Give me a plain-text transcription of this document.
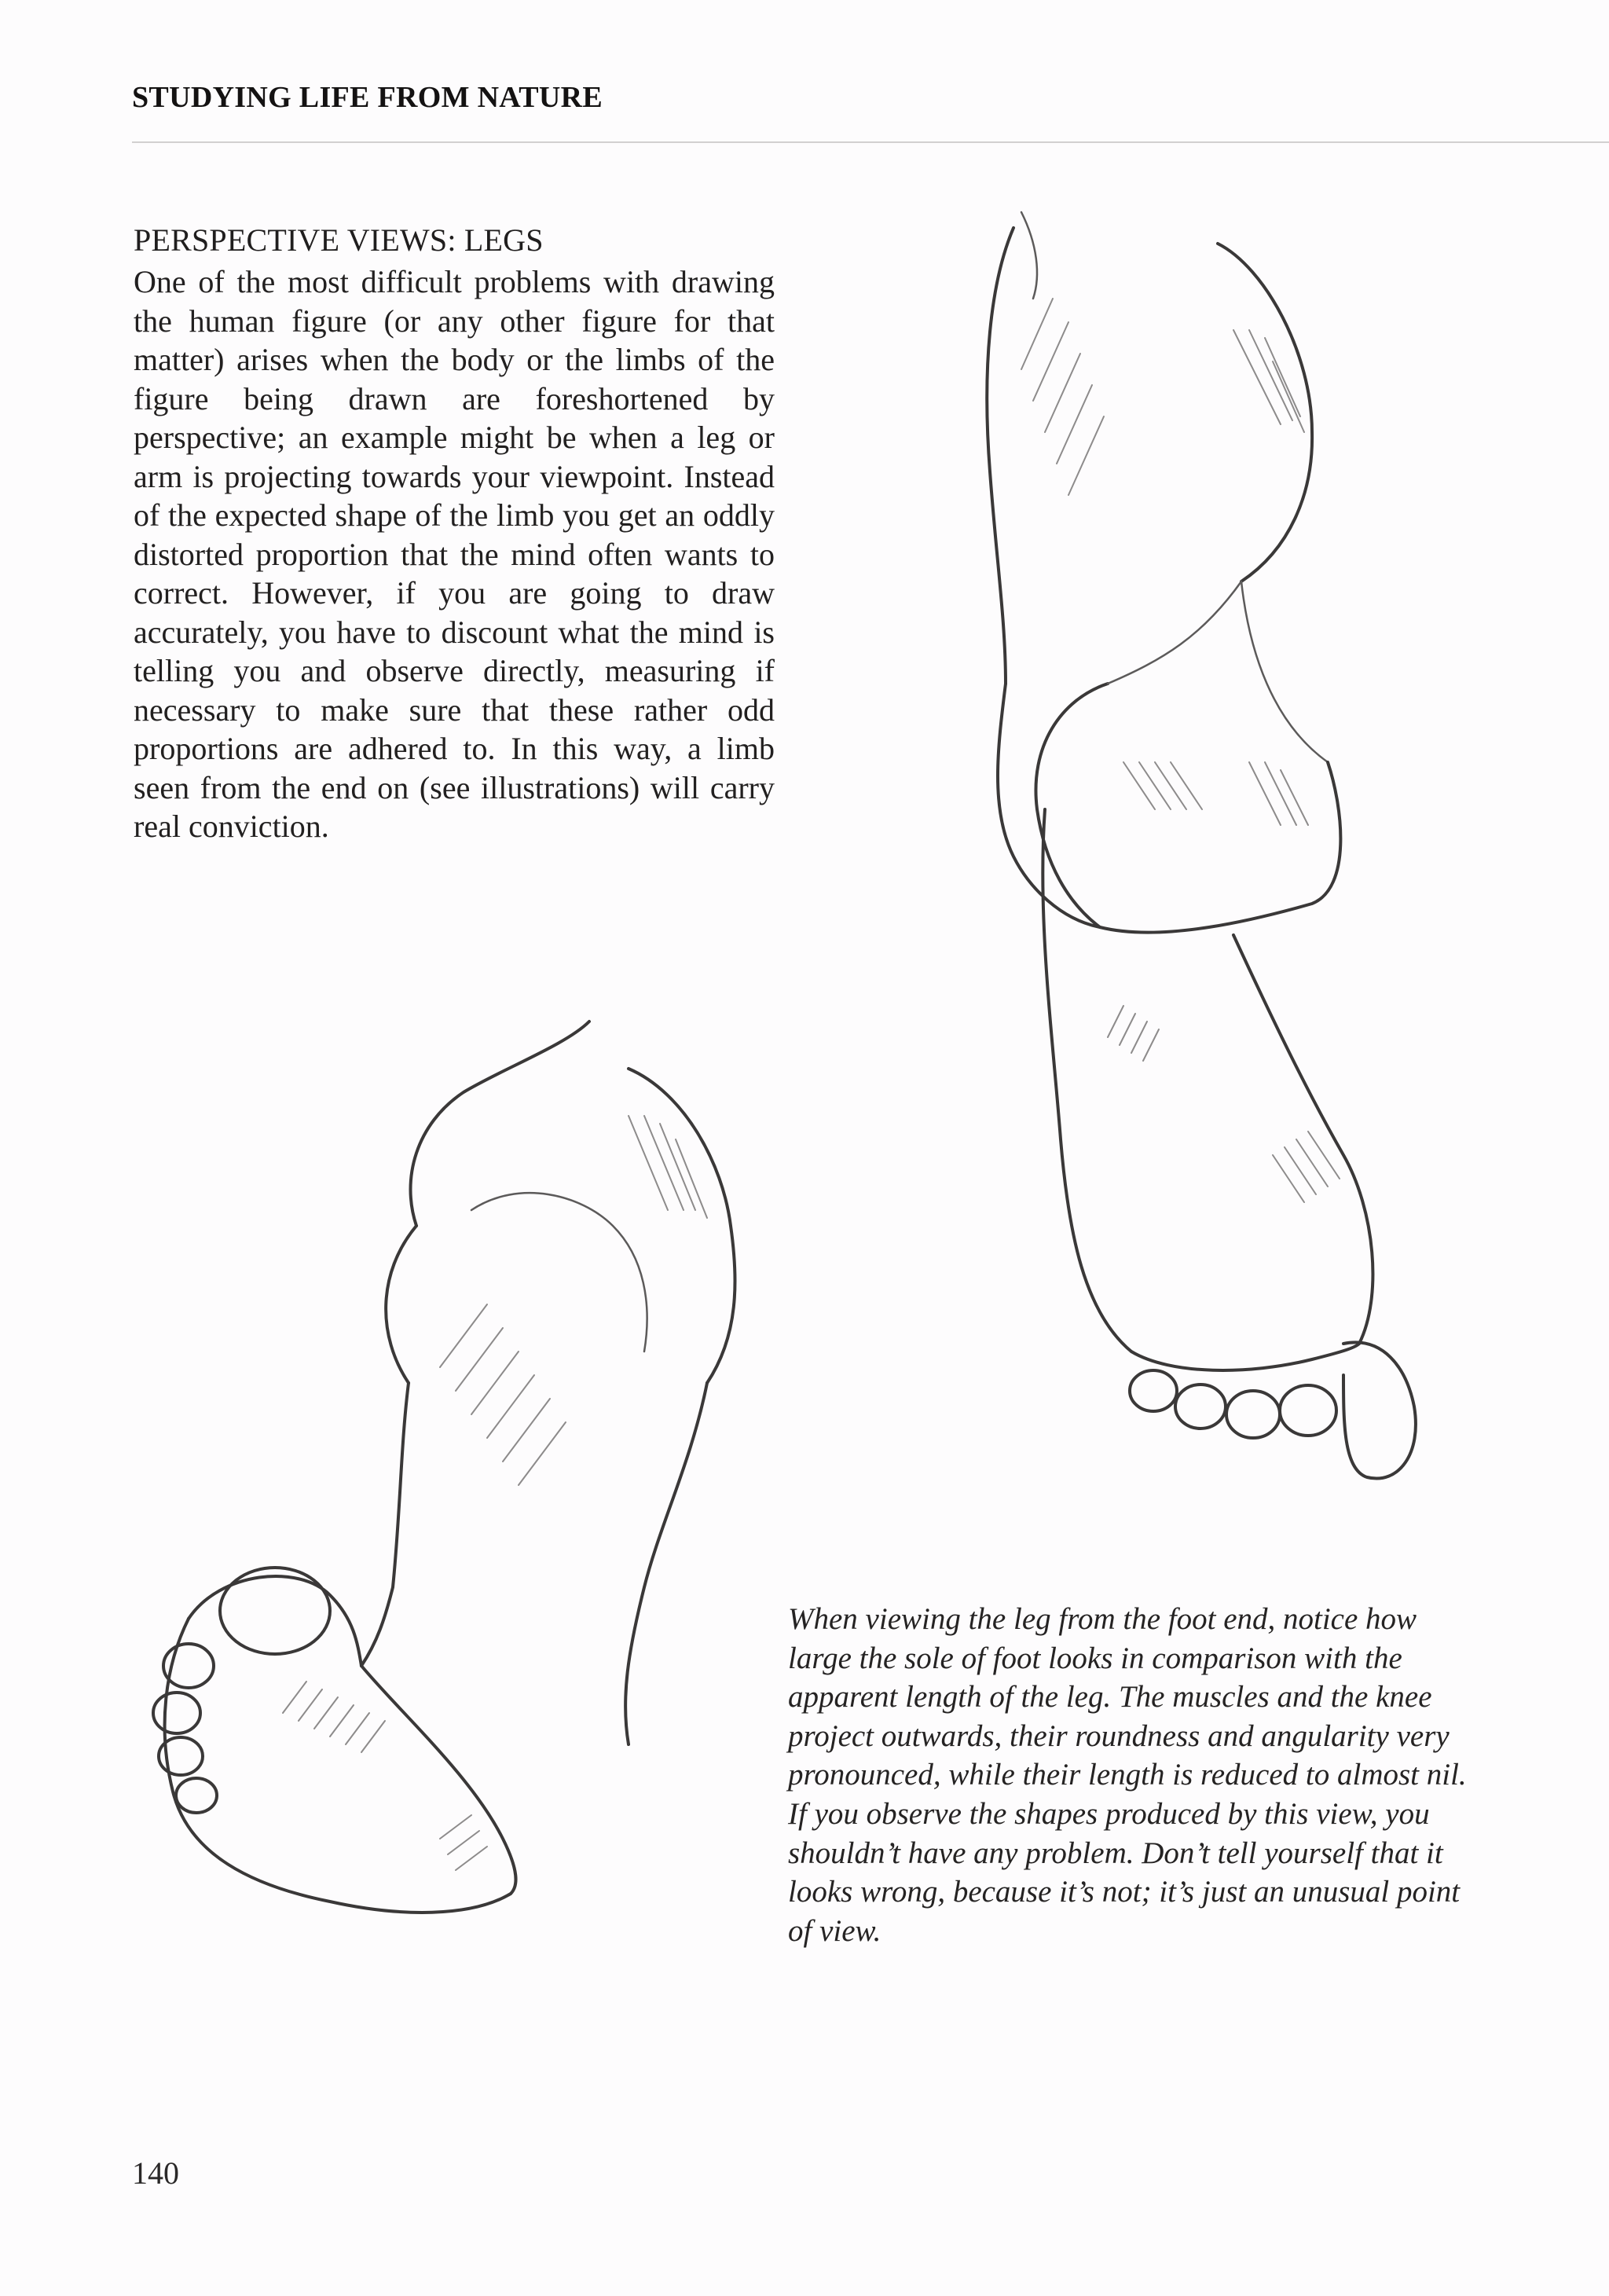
STUDYING LIFE FROM NATURE
PERSPECTIVE VIEWS: LEGS

One of the most difficult problems with drawing the human figure (or any other figure for that matter) arises when the body or the limbs of the figure being drawn are foreshortened by perspective; an example might be when a leg or arm is projecting towards your viewpoint. Instead of the expected shape of the limb you get an oddly distorted proportion that the mind often wants to correct. However, if you are going to draw accurately, you have to discount what the mind is telling you and observe directly, measuring if necessary to make sure that these rather odd proportions are adhered to. In this way, a limb seen from the end on (see illustrations) will carry real conviction.

When viewing the leg from the foot end, notice how large the sole of foot looks in comparison with the apparent length of the leg. The muscles and the knee project outwards, their roundness and angularity very pronounced, while their length is reduced to almost nil. If you observe the shapes produced by this view, you shouldn’t have any problem. Don’t tell yourself that it looks wrong, because it’s not; it’s just an unusual point of view.

140
